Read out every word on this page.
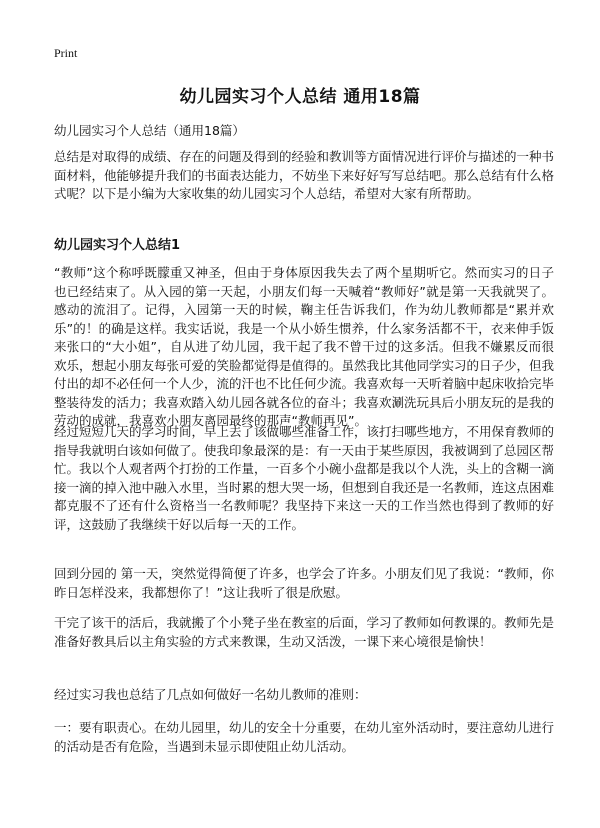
Print
幼儿园实习个人总结 通用18篇

幼儿园实习个人总结（通用18篇）

总结是对取得的成绩、存在的问题及得到的经验和教训等方面情况进行评价与描述的一种书面材料，他能够提升我们的书面表达能力，不妨坐下来好好写写总结吧。那么总结有什么格式呢？以下是小编为大家收集的幼儿园实习个人总结，希望对大家有所帮助。

幼儿园实习个人总结1

“教师”这个称呼既朦重又神圣，但由于身体原因我失去了两个星期听它。然而实习的日子也已经结束了。从入园的第一天起，小朋友们每一天喊着“教师好”就是第一天我就哭了。感动的流泪了。记得，入园第一天的时候，鞠主任告诉我们，作为幼儿教师都是“累并欢乐”的！的确是这样。我实话说，我是一个从小娇生惯养，什么家务活都不干，衣来伸手饭来张口的“大小姐”，自从进了幼儿园，我干起了我不曾干过的这多活。但我不嫌累反而很欢乐，想起小朋友每张可爱的笑脸都觉得是值得的。虽然我比其他同学实习的日子少，但我付出的却不必任何一个人少，流的汗也不比任何少流。我喜欢每一天听着脑中起床收拾完毕整装待发的活力；我喜欢踏入幼儿园各就各位的奋斗；我喜欢涮洗玩具后小朋友玩的是我的劳动的成就，我喜欢小朋友离园最终的那声“教师再见”。

经过短短几天的学习时间，早上去了该做哪些准备工作，该打扫哪些地方，不用保育教师的指导我就明白该如何做了。使我印象最深的是：有一天由于某些原因，我被调到了总园区帮忙。我以个人观者两个打扮的工作量，一百多个小碗小盘都是我以个人洗，头上的含糊一滴接一滴的掉入池中融入水里，当时累的想大哭一场，但想到自我还是一名教师，连这点困难都克服不了还有什么资格当一名教师呢？我坚持下来这一天的工作当然也得到了教师的好评，这鼓励了我继续干好以后每一天的工作。

回到分园的 第一天，突然觉得简便了许多，也学会了许多。小朋友们见了我说：“教师，你昨日怎样没来，我都想你了！”这让我听了很是欣慰。

干完了该干的活后，我就搬了个小凳子坐在教室的后面，学习了教师如何教课的。教师先是准备好教具后以主角实验的方式来教课，生动又活泼，一课下来心境很是愉快！

经过实习我也总结了几点如何做好一名幼儿教师的准则：

一：要有职责心。在幼儿园里，幼儿的安全十分重要，在幼儿室外活动时，要注意幼儿进行的活动是否有危险，当遇到未显示即使阻止幼儿活动。
